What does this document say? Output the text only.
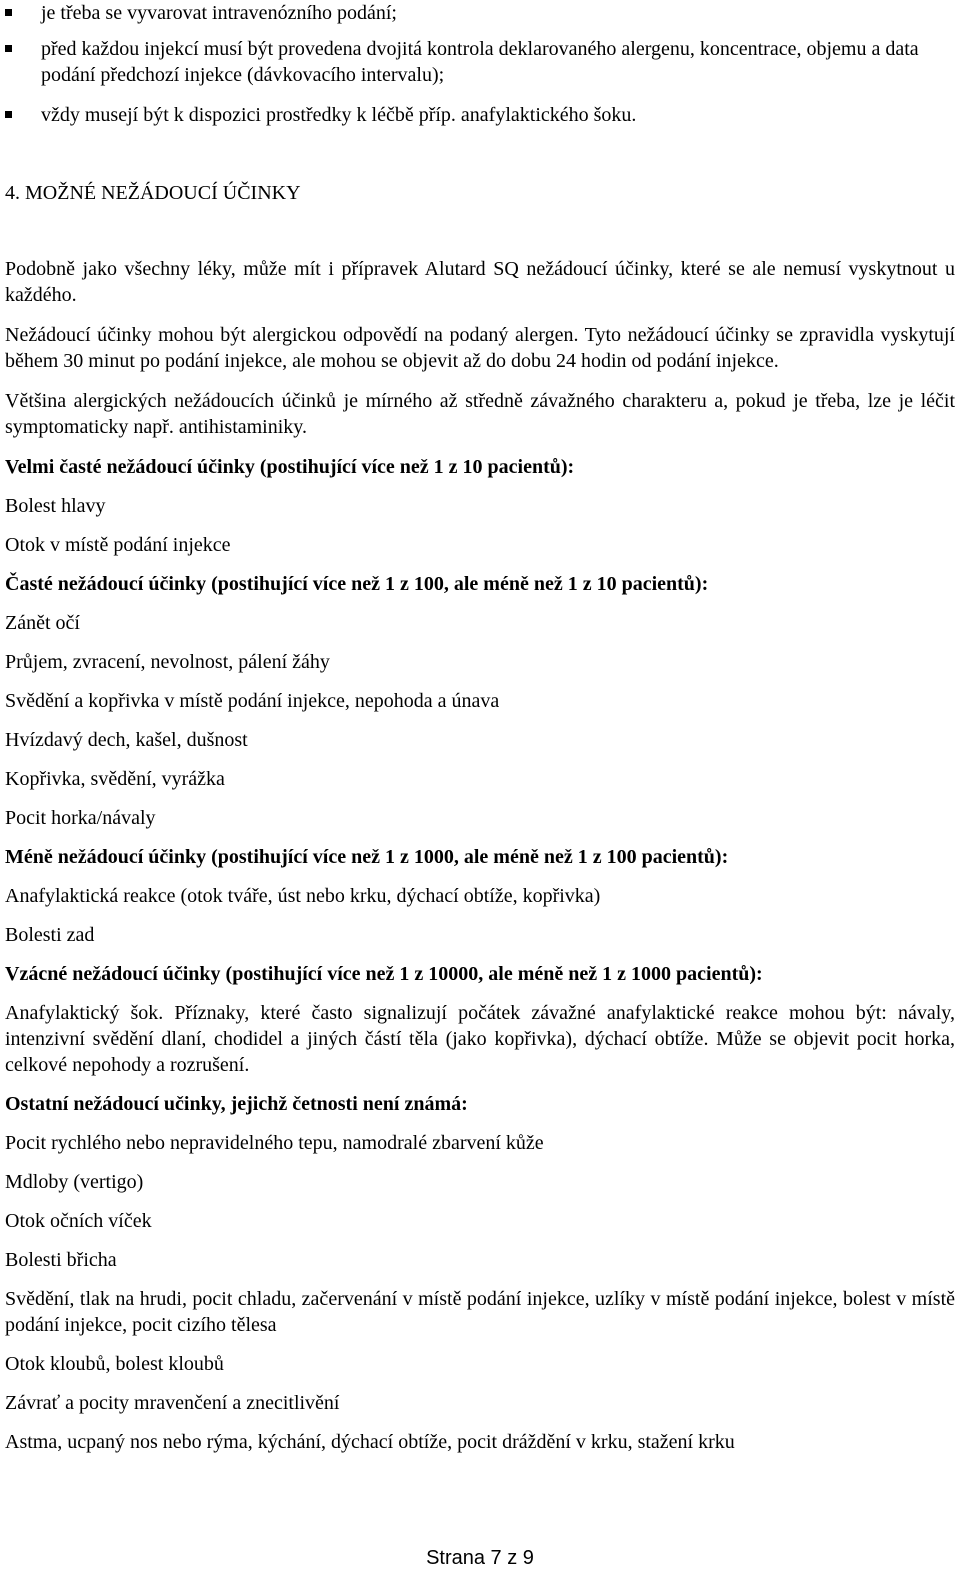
je třeba se vyvarovat intravenózního podání;
před každou injekcí musí být provedena dvojitá kontrola deklarovaného alergenu, koncentrace, objemu a data podání předchozí injekce (dávkovacího intervalu);
vždy musejí být k dispozici prostředky k léčbě příp. anafylaktického šoku.

4. MOŽNÉ NEŽÁDOUCÍ ÚČINKY

Podobně jako všechny léky, může mít i přípravek Alutard SQ nežádoucí účinky, které se ale nemusí vyskytnout u každého.

Nežádoucí účinky mohou být alergickou odpovědí na podaný alergen. Tyto nežádoucí účinky se zpravidla vyskytují během 30 minut po podání injekce, ale mohou se objevit až do dobu 24 hodin od podání injekce.

Většina alergických nežádoucích účinků je mírného až středně závažného charakteru a, pokud je třeba, lze je léčit symptomaticky např. antihistaminiky.

Velmi časté nežádoucí účinky (postihující více než 1 z 10 pacientů):

Bolest hlavy

Otok v místě podání injekce

Časté nežádoucí účinky (postihující více než 1 z 100, ale méně než 1 z 10 pacientů):

Zánět očí

Průjem, zvracení, nevolnost, pálení žáhy

Svědění a kopřivka v místě podání injekce, nepohoda a únava

Hvízdavý dech, kašel, dušnost

Kopřivka, svědění, vyrážka

Pocit horka/návaly

Méně nežádoucí účinky (postihující více než 1 z 1000, ale méně než 1 z 100 pacientů):

Anafylaktická reakce (otok tváře, úst nebo krku, dýchací obtíže, kopřivka)

Bolesti zad

Vzácné nežádoucí účinky (postihující více než 1 z 10000, ale méně než 1 z 1000 pacientů):

Anafylaktický šok. Příznaky, které často signalizují počátek závažné anafylaktické reakce mohou být: návaly, intenzivní svědění dlaní, chodidel a jiných částí těla (jako kopřivka), dýchací obtíže. Může se objevit pocit horka, celkové nepohody a rozrušení.

Ostatní nežádoucí učinky, jejichž četnosti není známá:

Pocit rychlého nebo nepravidelného tepu, namodralé zbarvení kůže

Mdloby (vertigo)

Otok očních víček

Bolesti břicha

Svědění, tlak na hrudi, pocit chladu, začervenání v místě podání injekce, uzlíky v místě podání injekce, bolest v místě podání injekce, pocit cizího tělesa

Otok kloubů, bolest kloubů

Závrať a pocity mravenčení a znecitlivění

Astma, ucpaný nos nebo rýma, kýchání, dýchací obtíže, pocit dráždění v krku, stažení krku

Strana 7 z 9
